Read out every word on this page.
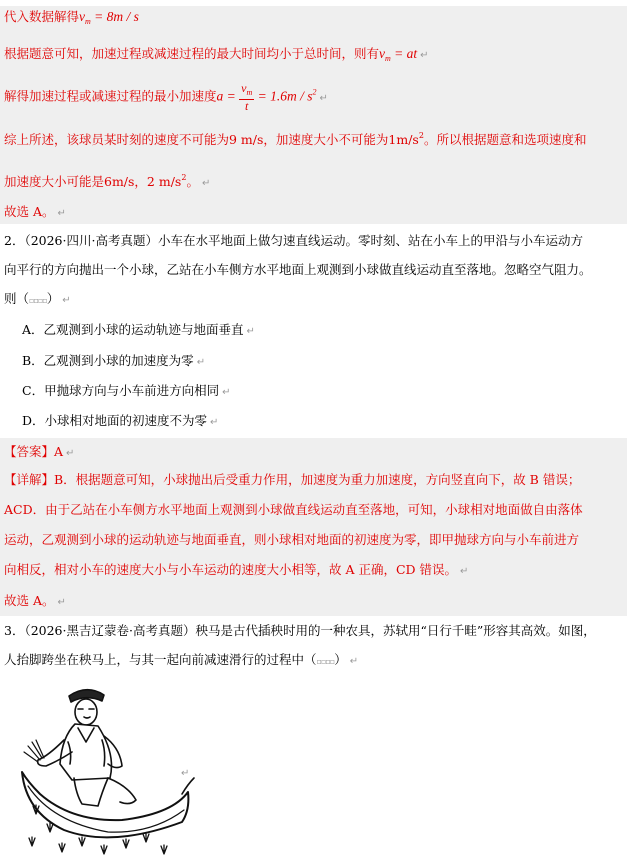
代入数据解得$v_m = 8m / s$
根据题意可知，加速过程或减速过程的最大时间均小于总时间，则有$v_m$ = at ↵
解得加速过程或减速过程的最小加速度$a = \frac{v_m}{t} = 1.6m$ / $s^2↵$
综上所述，该球员某时刻的速度不可能为9 m/s，加速度大小不可能为$1m/s^2$。所以根据题意和选项速度和
加速度大小可能是6m/s，2 $m/s^2$。 ↵
故选 A。 ↵
2．（2026·四川·高考真题）小车在水平地面上做匀速直线运动。零时刻、站在小车上的甲沿与小车运动方
向平行的方向抛出一个小球，乙站在小车侧方水平地面上观测到小球做直线运动直至落地。忽略空气阻力。
则（▫▫▫▫） ↵
A．乙观测到小球的运动轨迹与地面垂直 ↵
B．乙观测到小球的加速度为零 ↵
C．甲抛球方向与小车前进方向相同 ↵
D．小球相对地面的初速度不为零 ↵
【答案】A ↵
【详解】B．根据题意可知，小球抛出后受重力作用，加速度为重力加速度，方向竖直向下，故 B 错误；
ACD．由于乙站在小车侧方水平地面上观测到小球做直线运动直至落地，可知，小球相对地面做自由落体
运动，乙观测到小球的运动轨迹与地面垂直，则小球相对地面的初速度为零，即甲抛球方向与小车前进方
向相反，相对小车的速度大小与小车运动的速度大小相等，故 A 正确，CD 错误。 ↵
故选 A。 ↵
3．（2026·黑吉辽蒙卷·高考真题）秧马是古代插秧时用的一种农具，苏轼用“日行千畦”形容其高效。如图，
人抬脚跨坐在秧马上，与其一起向前减速滑行的过程中（▫▫▫▫） ↵
↵
